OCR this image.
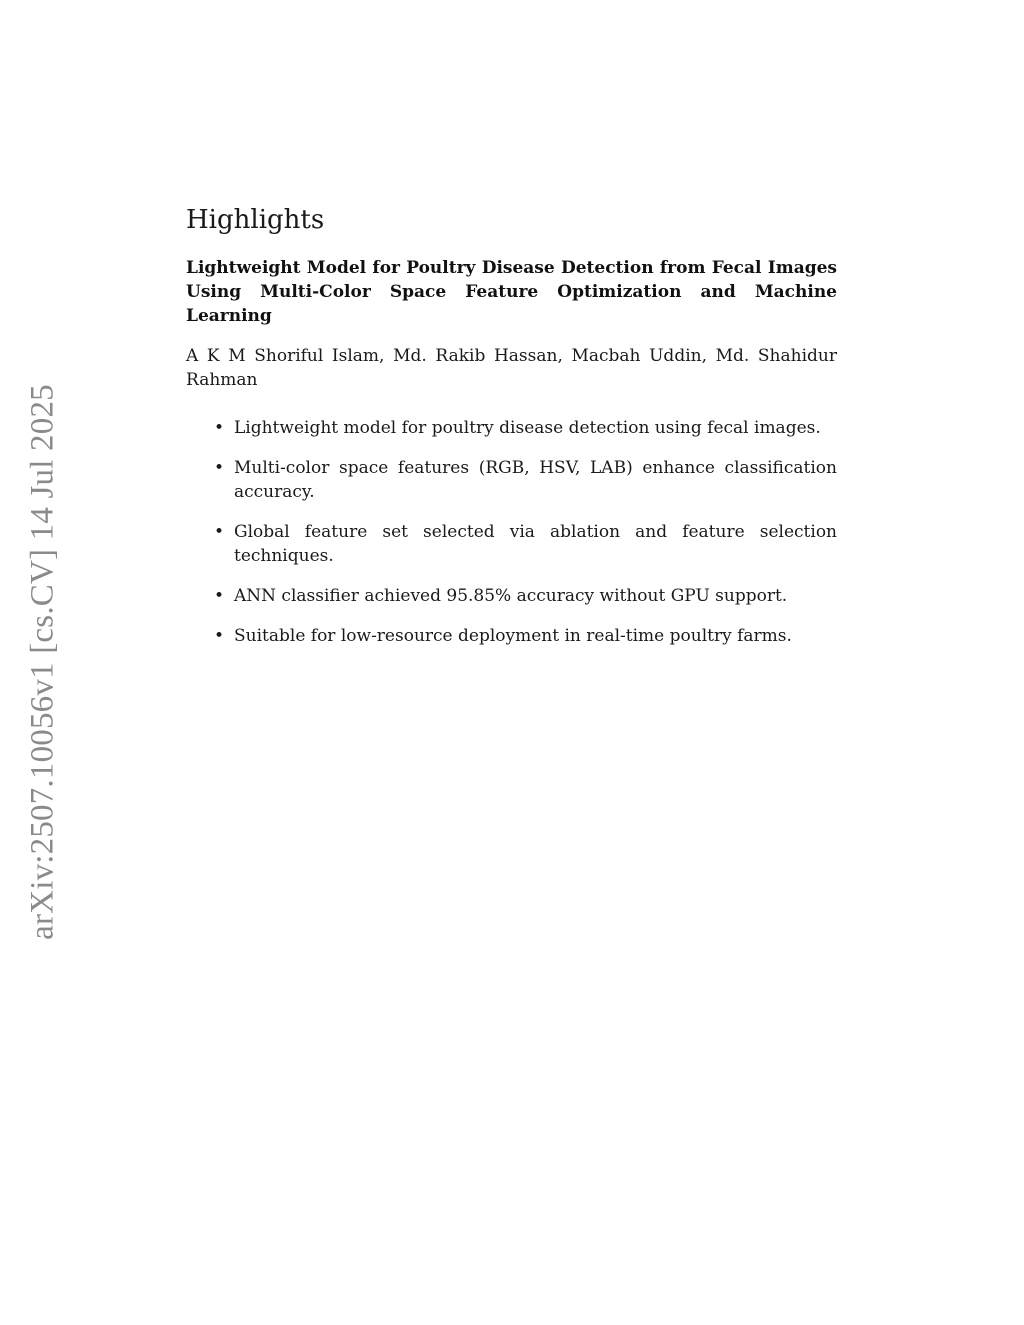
arXiv:2507.10056v1 [cs.CV] 14 Jul 2025
Highlights

Lightweight Model for Poultry Disease Detection from Fecal Images Using Multi-Color Space Feature Optimization and Machine Learning

A K M Shoriful Islam, Md. Rakib Hassan, Macbah Uddin, Md. Shahidur Rahman

• Lightweight model for poultry disease detection using fecal images.
• Multi-color space features (RGB, HSV, LAB) enhance classification accuracy.
• Global feature set selected via ablation and feature selection techniques.
• ANN classifier achieved 95.85% accuracy without GPU support.
• Suitable for low-resource deployment in real-time poultry farms.
